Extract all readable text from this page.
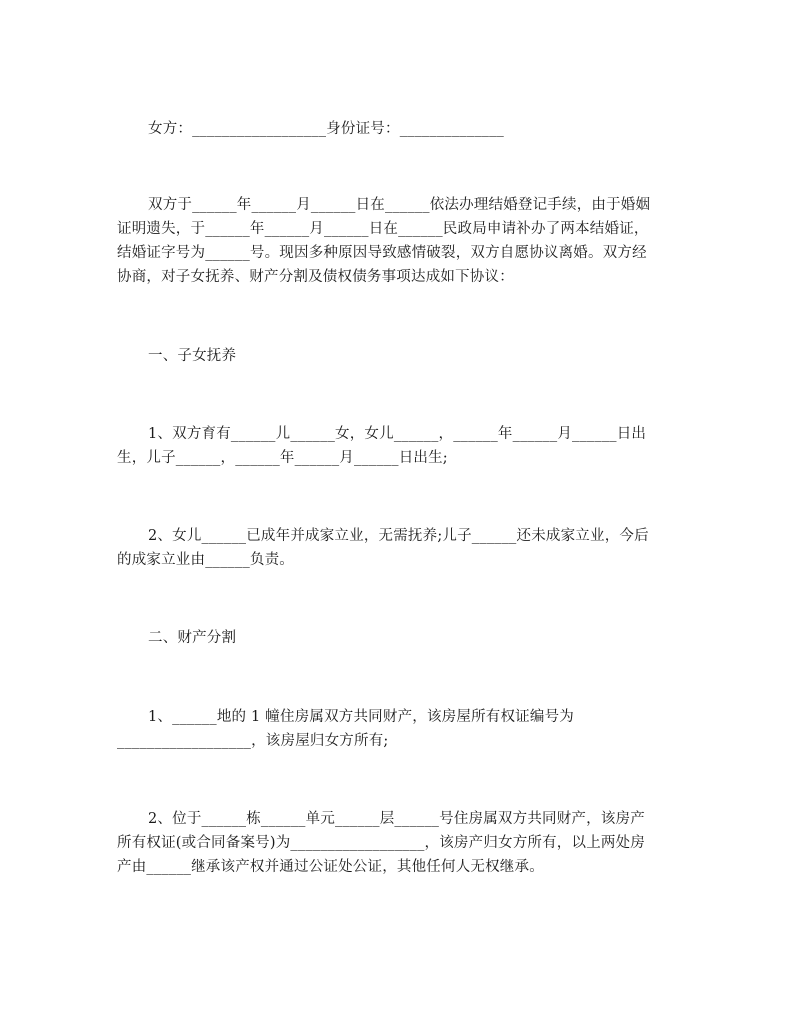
女方：__________________身份证号：______________
双方于______年______月______日在______依法办理结婚登记手续，由于婚姻
证明遗失，于______年______月______日在______民政局申请补办了两本结婚证，
结婚证字号为______号。现因多种原因导致感情破裂，双方自愿协议离婚。双方经
协商，对子女抚养、财产分割及债权债务事项达成如下协议：
一、子女抚养
1、双方育有______儿______女，女儿______，______年______月______日出
生，儿子______，______年______月______日出生;
2、女儿______已成年并成家立业，无需抚养;儿子______还未成家立业，今后
的成家立业由______负责。
二、财产分割
1、______地的 1 幢住房属双方共同财产，该房屋所有权证编号为
__________________，该房屋归女方所有;
2、位于______栋______单元______层______号住房属双方共同财产，该房产
所有权证(或合同备案号)为__________________，该房产归女方所有，以上两处房
产由______继承该产权并通过公证处公证，其他任何人无权继承。
